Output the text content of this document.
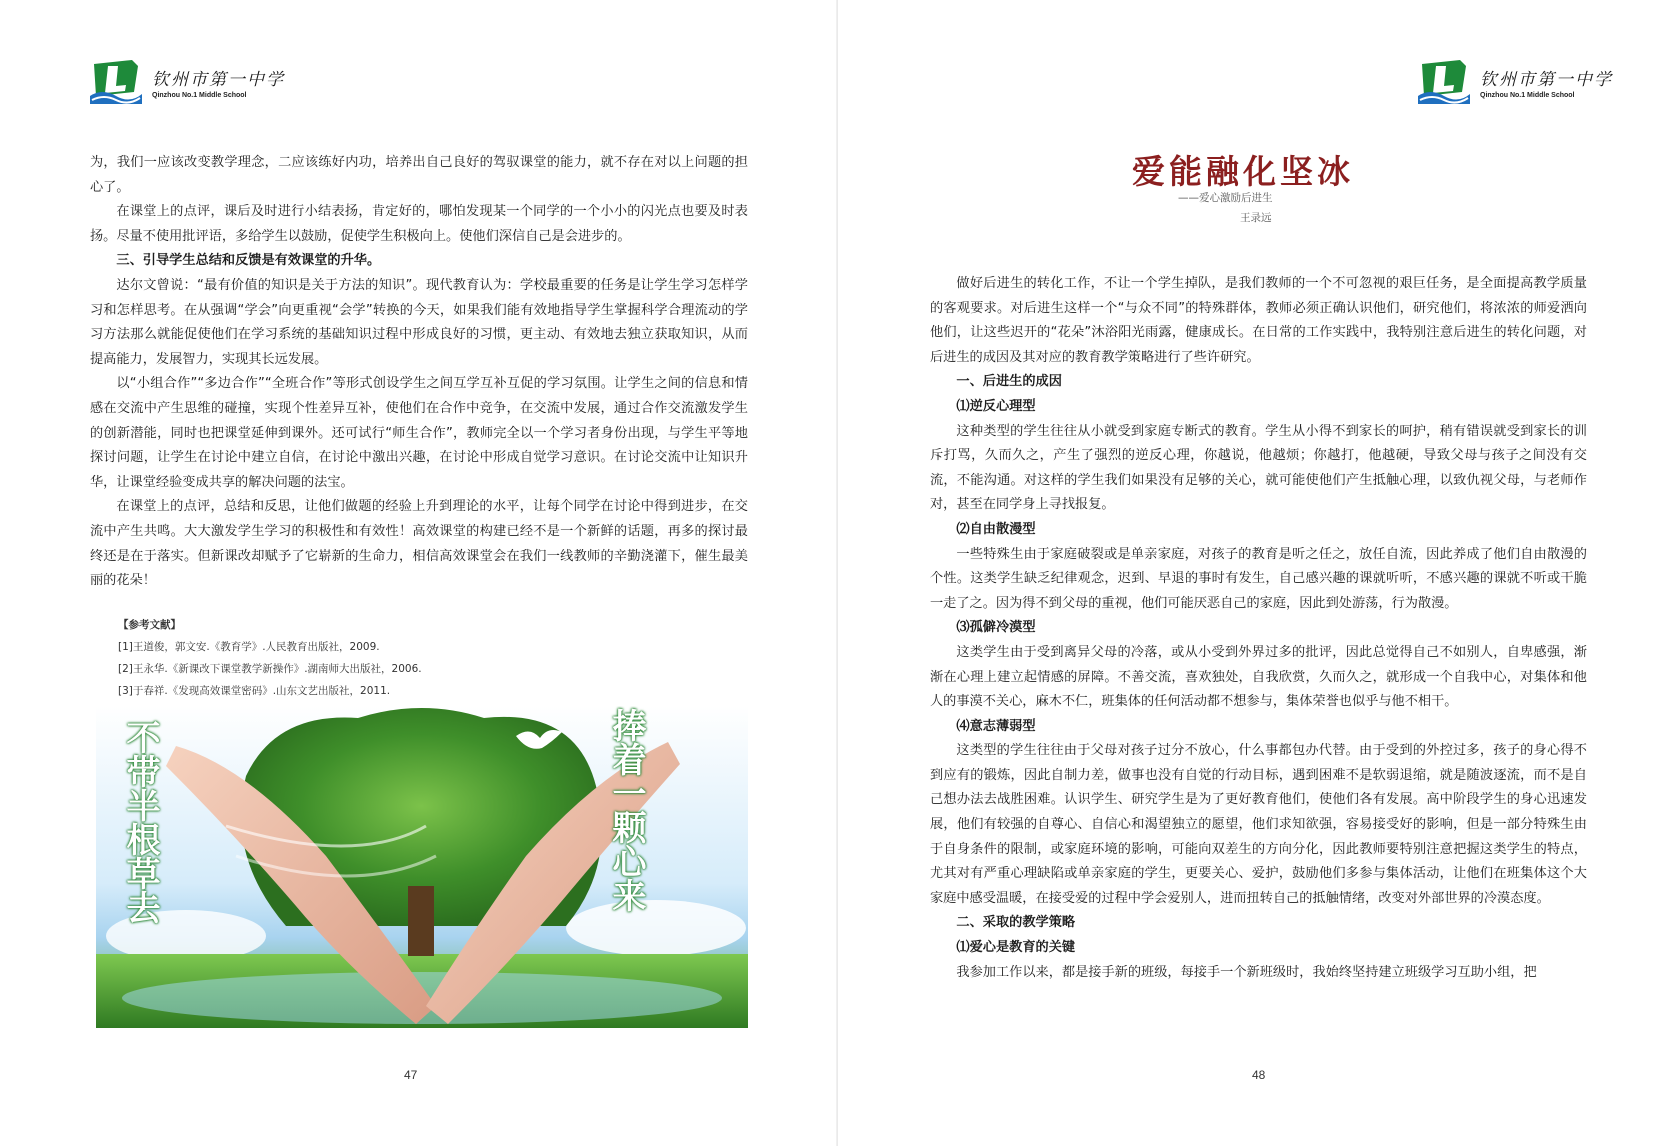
钦州市第一中学
Qinzhou No.1 Middle School

为，我们一应该改变教学理念，二应该练好内功，培养出自己良好的驾驭课堂的能力，就不存在对以上问题的担心了。

在课堂上的点评，课后及时进行小结表扬，肯定好的，哪怕发现某一个同学的一个小小的闪光点也要及时表扬。尽量不使用批评语，多给学生以鼓励，促使学生积极向上。使他们深信自己是会进步的。

三、引导学生总结和反馈是有效课堂的升华。

达尔文曾说：“最有价值的知识是关于方法的知识”。现代教育认为：学校最重要的任务是让学生学习怎样学习和怎样思考。在从强调“学会”向更重视“会学”转换的今天，如果我们能有效地指导学生掌握科学合理流动的学习方法那么就能促使他们在学习系统的基础知识过程中形成良好的习惯，更主动、有效地去独立获取知识，从而提高能力，发展智力，实现其长远发展。

以“小组合作”“多边合作”“全班合作”等形式创设学生之间互学互补互促的学习氛围。让学生之间的信息和情感在交流中产生思维的碰撞，实现个性差异互补，使他们在合作中竞争，在交流中发展，通过合作交流激发学生的创新潜能，同时也把课堂延伸到课外。还可试行“师生合作”，教师完全以一个学习者身份出现，与学生平等地探讨问题，让学生在讨论中建立自信，在讨论中激出兴趣，在讨论中形成自觉学习意识。在讨论交流中让知识升华，让课堂经验变成共享的解决问题的法宝。

在课堂上的点评，总结和反思，让他们做题的经验上升到理论的水平，让每个同学在讨论中得到进步，在交流中产生共鸣。大大激发学生学习的积极性和有效性！高效课堂的构建已经不是一个新鲜的话题，再多的探讨最终还是在于落实。但新课改却赋予了它崭新的生命力，相信高效课堂会在我们一线教师的辛勤浇灌下，催生最美丽的花朵！

【参考文献】
[1]王道俊，郭文安.《教育学》.人民教育出版社，2009.
[2]王永华.《新课改下课堂教学新操作》.湖南师大出版社，2006.
[3]于春祥.《发现高效课堂密码》.山东文艺出版社，2011.
不带半根草去	捧着一颗心来
47
钦州市第一中学
Qinzhou No.1 Middle School
爱能融化坚冰
——爱心激励后进生
王录远

做好后进生的转化工作，不让一个学生掉队，是我们教师的一个不可忽视的艰巨任务，是全面提高教学质量的客观要求。对后进生这样一个“与众不同”的特殊群体，教师必须正确认识他们，研究他们，将浓浓的师爱洒向他们，让这些迟开的“花朵”沐浴阳光雨露，健康成长。在日常的工作实践中，我特别注意后进生的转化问题，对后进生的成因及其对应的教育教学策略进行了些许研究。

一、后进生的成因

⑴逆反心理型

这种类型的学生往往从小就受到家庭专断式的教育。学生从小得不到家长的呵护，稍有错误就受到家长的训斥打骂，久而久之，产生了强烈的逆反心理，你越说，他越烦；你越打，他越硬，导致父母与孩子之间没有交流，不能沟通。对这样的学生我们如果没有足够的关心，就可能使他们产生抵触心理，以致仇视父母，与老师作对，甚至在同学身上寻找报复。

⑵自由散漫型

一些特殊生由于家庭破裂或是单亲家庭，对孩子的教育是听之任之，放任自流，因此养成了他们自由散漫的个性。这类学生缺乏纪律观念，迟到、早退的事时有发生，自己感兴趣的课就听听，不感兴趣的课就不听或干脆一走了之。因为得不到父母的重视，他们可能厌恶自己的家庭，因此到处游荡，行为散漫。

⑶孤僻冷漠型

这类学生由于受到离异父母的冷落，或从小受到外界过多的批评，因此总觉得自己不如别人，自卑感强，渐渐在心理上建立起情感的屏障。不善交流，喜欢独处，自我欣赏，久而久之，就形成一个自我中心，对集体和他人的事漠不关心，麻木不仁，班集体的任何活动都不想参与，集体荣誉也似乎与他不相干。

⑷意志薄弱型

这类型的学生往往由于父母对孩子过分不放心，什么事都包办代替。由于受到的外控过多，孩子的身心得不到应有的锻炼，因此自制力差，做事也没有自觉的行动目标，遇到困难不是软弱退缩，就是随波逐流，而不是自己想办法去战胜困难。认识学生、研究学生是为了更好教育他们，使他们各有发展。高中阶段学生的身心迅速发展，他们有较强的自尊心、自信心和渴望独立的愿望，他们求知欲强，容易接受好的影响，但是一部分特殊生由于自身条件的限制，或家庭环境的影响，可能向双差生的方向分化，因此教师要特别注意把握这类学生的特点，尤其对有严重心理缺陷或单亲家庭的学生，更要关心、爱护，鼓励他们多参与集体活动，让他们在班集体这个大家庭中感受温暖，在接受爱的过程中学会爱别人，进而扭转自己的抵触情绪，改变对外部世界的冷漠态度。

二、采取的教学策略

⑴爱心是教育的关键

我参加工作以来，都是接手新的班级，每接手一个新班级时，我始终坚持建立班级学习互助小组，把

48
